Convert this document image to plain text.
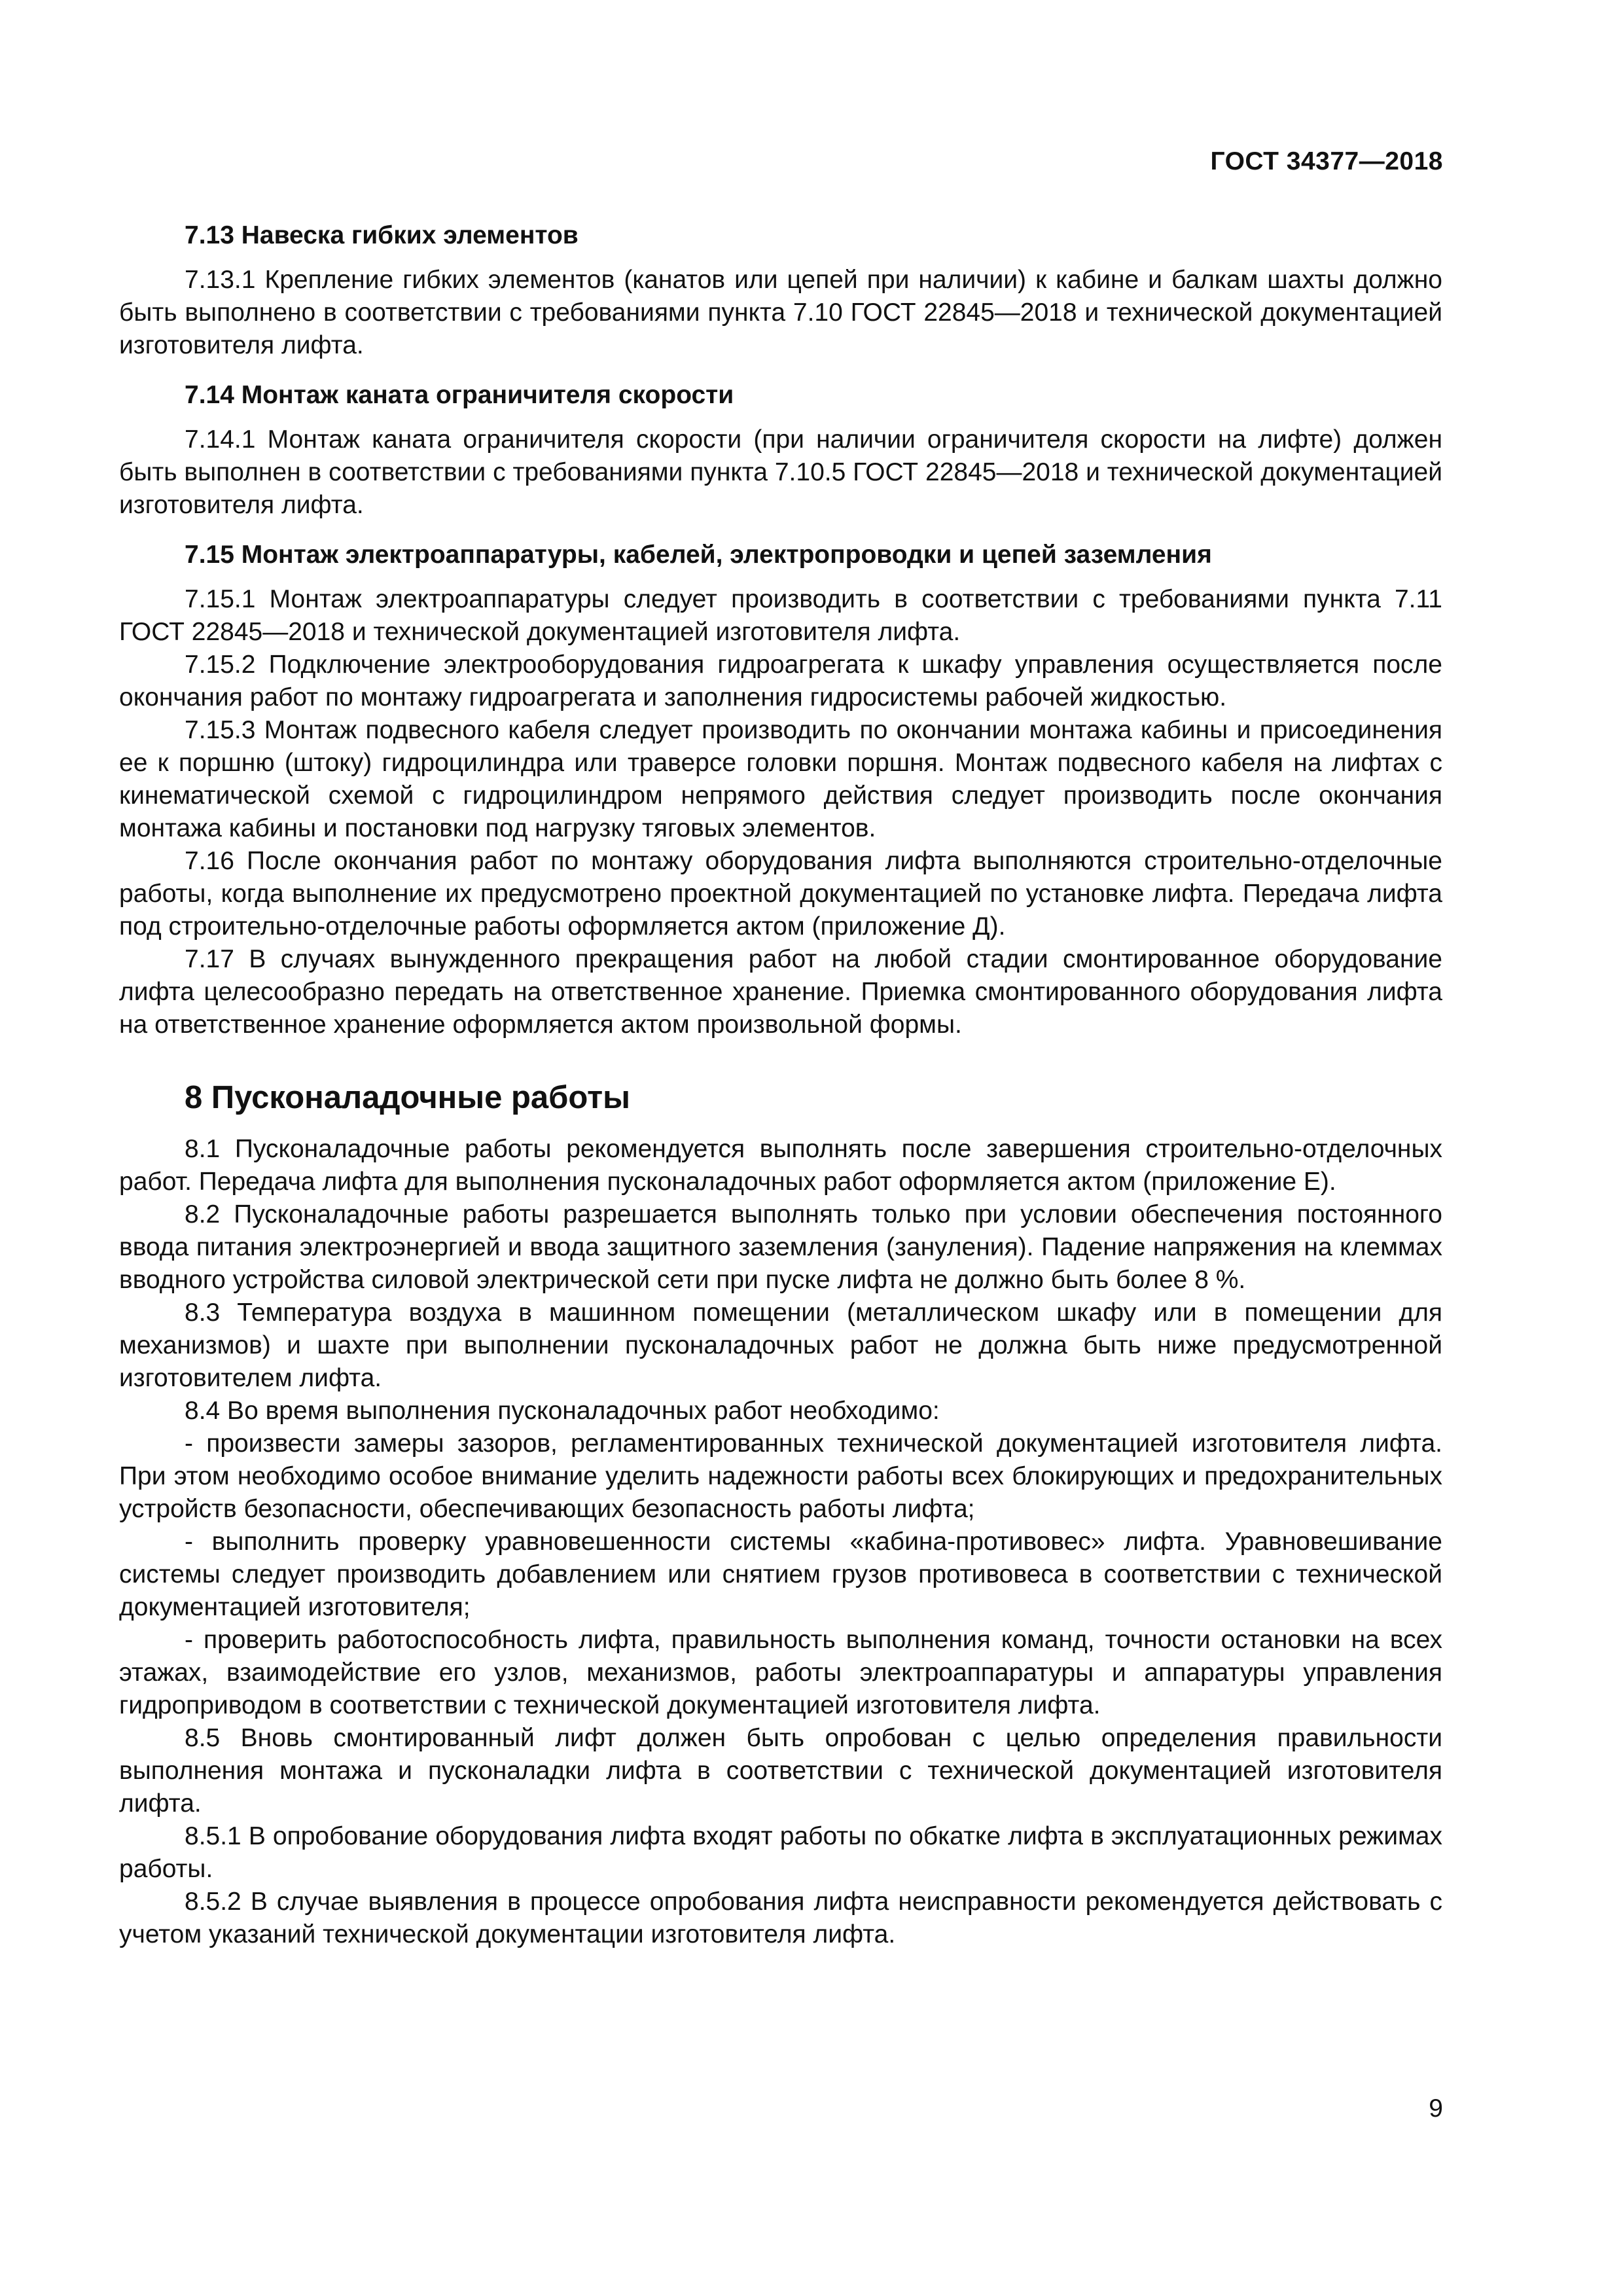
ГОСТ 34377—2018
7.13 Навеска гибких элементов

7.13.1 Крепление гибких элементов (канатов или цепей при наличии) к кабине и балкам шахты должно быть выполнено в соответствии с требованиями пункта 7.10 ГОСТ 22845—2018 и технической документацией изготовителя лифта.

7.14 Монтаж каната ограничителя скорости

7.14.1 Монтаж каната ограничителя скорости (при наличии ограничителя скорости на лифте) должен быть выполнен в соответствии с требованиями пункта 7.10.5 ГОСТ 22845—2018 и технической документацией изготовителя лифта.

7.15 Монтаж электроаппаратуры, кабелей, электропроводки и цепей заземления

7.15.1 Монтаж электроаппаратуры следует производить в соответствии с требованиями пункта 7.11 ГОСТ 22845—2018 и технической документацией изготовителя лифта.

7.15.2 Подключение электрооборудования гидроагрегата к шкафу управления осуществляется после окончания работ по монтажу гидроагрегата и заполнения гидросистемы рабочей жидкостью.

7.15.3 Монтаж подвесного кабеля следует производить по окончании монтажа кабины и присоединения ее к поршню (штоку) гидроцилиндра или траверсе головки поршня. Монтаж подвесного кабеля на лифтах с кинематической схемой с гидроцилиндром непрямого действия следует производить после окончания монтажа кабины и постановки под нагрузку тяговых элементов.

7.16 После окончания работ по монтажу оборудования лифта выполняются строительно-отделочные работы, когда выполнение их предусмотрено проектной документацией по установке лифта. Передача лифта под строительно-отделочные работы оформляется актом (приложение Д).

7.17 В случаях вынужденного прекращения работ на любой стадии смонтированное оборудование лифта целесообразно передать на ответственное хранение. Приемка смонтированного оборудования лифта на ответственное хранение оформляется актом произвольной формы.

8 Пусконаладочные работы

8.1 Пусконаладочные работы рекомендуется выполнять после завершения строительно-отделочных работ. Передача лифта для выполнения пусконаладочных работ оформляется актом (приложение Е).

8.2 Пусконаладочные работы разрешается выполнять только при условии обеспечения постоянного ввода питания электроэнергией и ввода защитного заземления (зануления). Падение напряжения на клеммах вводного устройства силовой электрической сети при пуске лифта не должно быть более 8 %.

8.3 Температура воздуха в машинном помещении (металлическом шкафу или в помещении для механизмов) и шахте при выполнении пусконаладочных работ не должна быть ниже предусмотренной изготовителем лифта.

8.4 Во время выполнения пусконаладочных работ необходимо:

- произвести замеры зазоров, регламентированных технической документацией изготовителя лифта. При этом необходимо особое внимание уделить надежности работы всех блокирующих и предохранительных устройств безопасности, обеспечивающих безопасность работы лифта;

- выполнить проверку уравновешенности системы «кабина-противовес» лифта. Уравновешивание системы следует производить добавлением или снятием грузов противовеса в соответствии с технической документацией изготовителя;

- проверить работоспособность лифта, правильность выполнения команд, точности остановки на всех этажах, взаимодействие его узлов, механизмов, работы электроаппаратуры и аппаратуры управления гидроприводом в соответствии с технической документацией изготовителя лифта.

8.5 Вновь смонтированный лифт должен быть опробован с целью определения правильности выполнения монтажа и пусконаладки лифта в соответствии с технической документацией изготовителя лифта.

8.5.1 В опробование оборудования лифта входят работы по обкатке лифта в эксплуатационных режимах работы.

8.5.2 В случае выявления в процессе опробования лифта неисправности рекомендуется действовать с учетом указаний технической документации изготовителя лифта.

9
